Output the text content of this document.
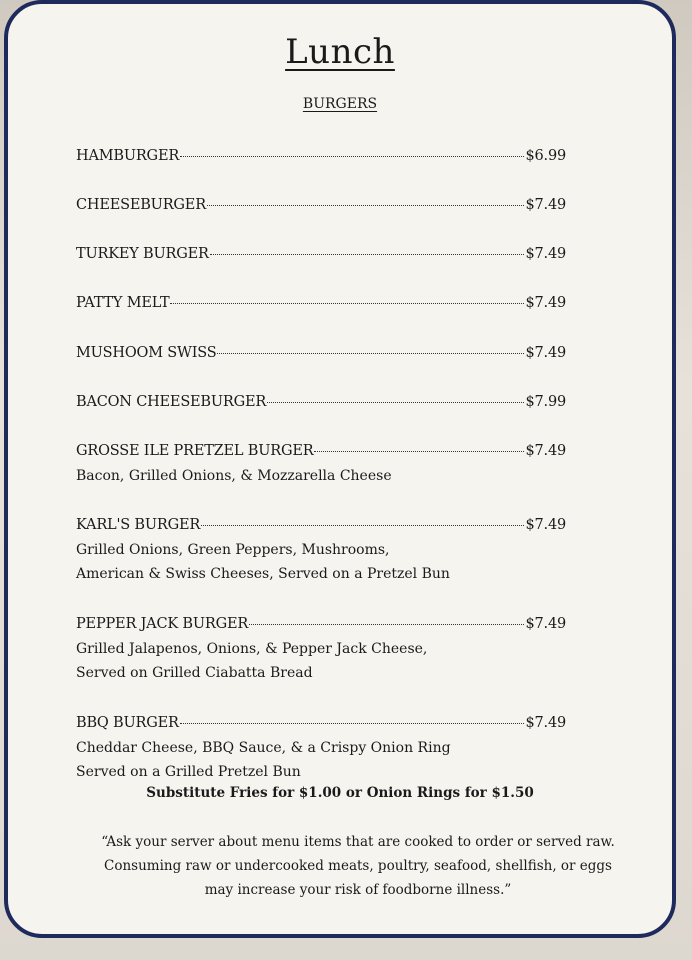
Lunch
BURGERS
HAMBURGER	$6.99
CHEESEBURGER	$7.49
TURKEY BURGER	$7.49
PATTY MELT	$7.49
MUSHOOM SWISS	$7.49
BACON CHEESEBURGER	$7.99
GROSSE ILE PRETZEL BURGER	$7.49
Bacon, Grilled Onions, & Mozzarella Cheese
KARL'S BURGER	$7.49
Grilled Onions, Green Peppers, Mushrooms,
American & Swiss Cheeses, Served on a Pretzel Bun
PEPPER JACK BURGER	$7.49
Grilled Jalapenos, Onions, & Pepper Jack Cheese,
Served on Grilled Ciabatta Bread
BBQ BURGER	$7.49
Cheddar Cheese, BBQ Sauce, & a Crispy Onion Ring
Served on a Grilled Pretzel Bun
Substitute Fries for $1.00 or Onion Rings for $1.50
“Ask your server about menu items that are cooked to order or served raw. Consuming raw or undercooked meats, poultry, seafood, shellfish, or eggs may increase your risk of foodborne illness.”
